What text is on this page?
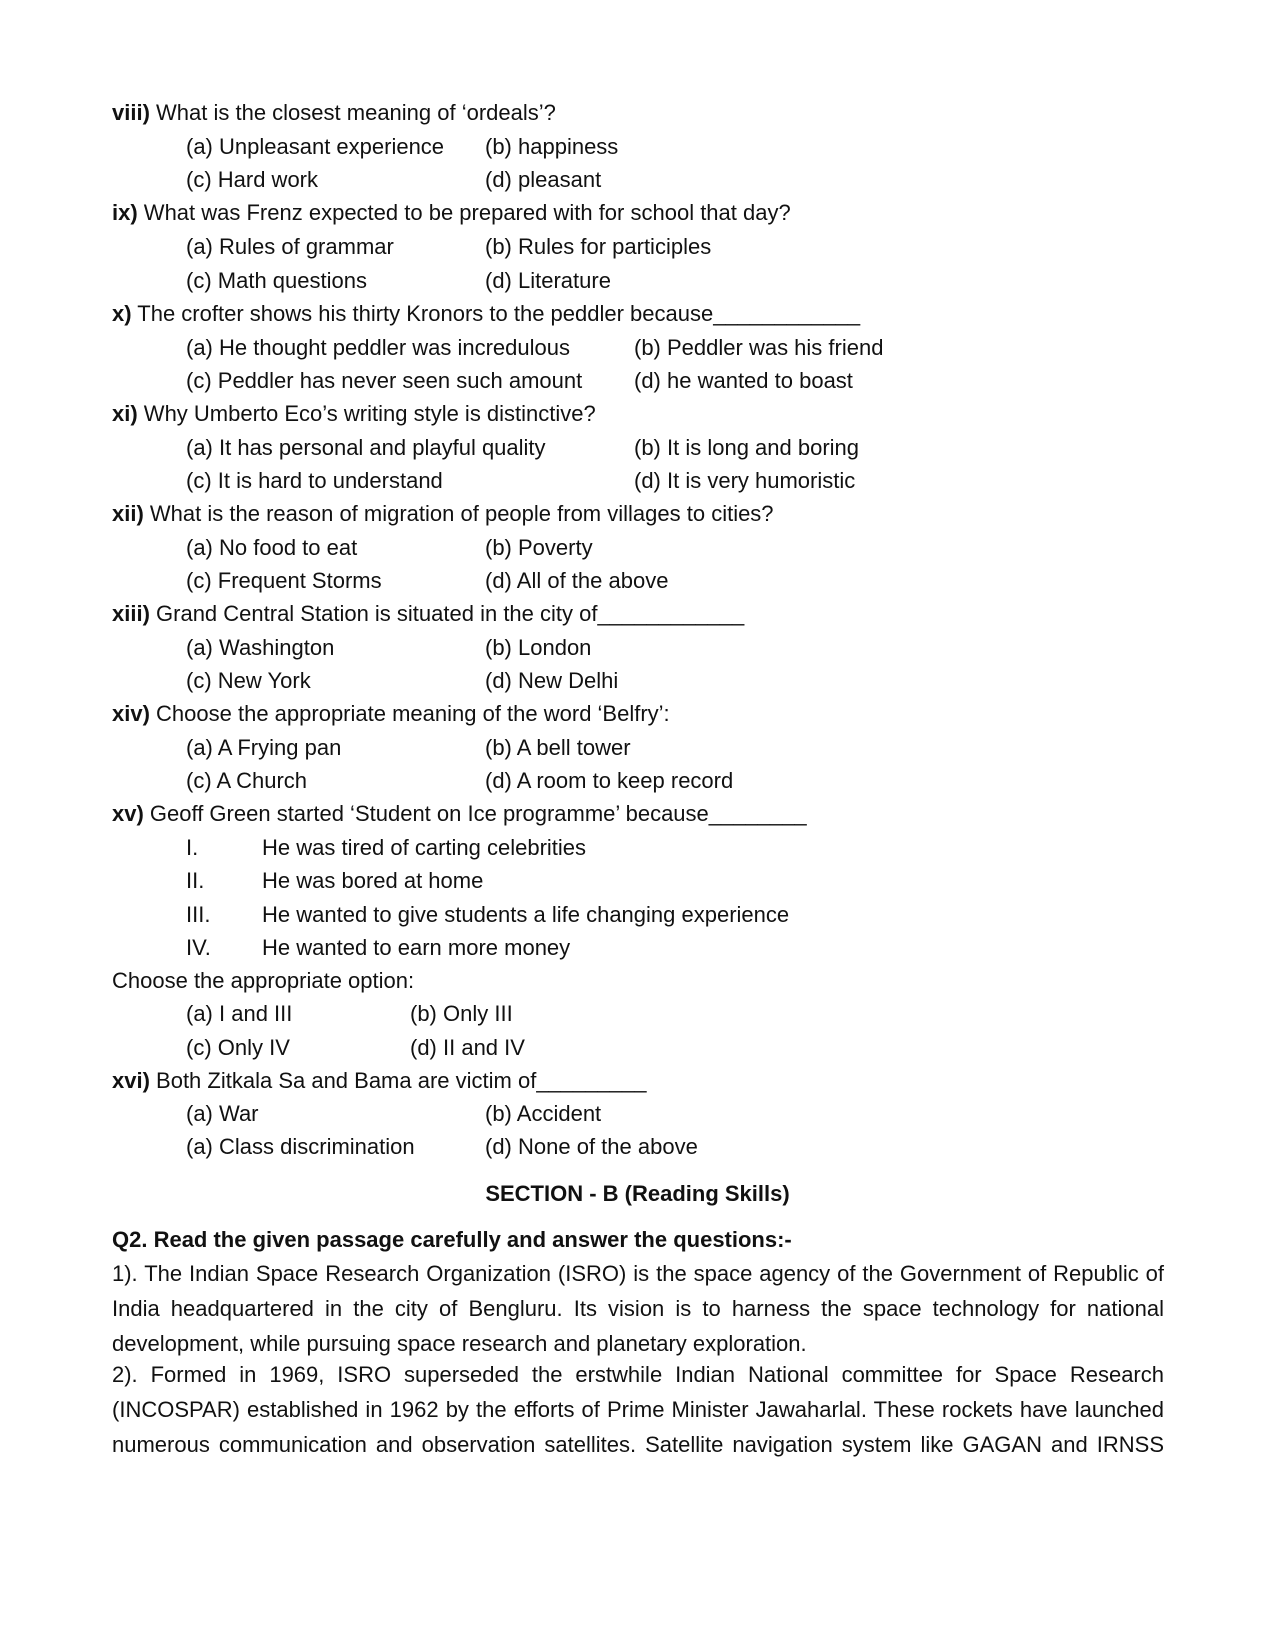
viii) What is the closest meaning of ‘ordeals’?
(a) Unpleasant experience (b) happiness
(c) Hard work	(d) pleasant
ix) What was Frenz expected to be prepared with for school that day?
(a) Rules of grammar	(b) Rules for participles
(c) Math questions	(d) Literature
x) The crofter shows his thirty Kronors to the peddler because____________
(a) He thought peddler was incredulous	(b) Peddler was his friend
(c) Peddler has never seen such amount (d) he wanted to boast
xi) Why Umberto Eco’s writing style is distinctive?
(a) It has personal and playful quality	(b) It is long and boring
(c) It is hard to understand	(d) It is very humoristic
xii) What is the reason of migration of people from villages to cities?
(a) No food to eat	(b) Poverty
(c) Frequent Storms	(d) All of the above
xiii) Grand Central Station is situated in the city of____________
(a) Washington	(b) London
(c) New York	(d) New Delhi
xiv) Choose the appropriate meaning of the word ‘Belfry’:
(a) A Frying pan	(b) A bell tower
(c) A Church	(d) A room to keep record
xv) Geoff Green started ‘Student on Ice programme’ because________
I.	He was tired of carting celebrities
II.	He was bored at home
III. He wanted to give students a life changing experience
IV. He wanted to earn more money
Choose the appropriate option:
(a) I and III	(b) Only III
(c) Only IV	(d) II and IV
xvi) Both Zitkala Sa and Bama are victim of_________
(a) War	(b) Accident
(a) Class discrimination	(d) None of the above
SECTION - B (Reading Skills)
Q2. Read the given passage carefully and answer the questions:-
1). The Indian Space Research Organization (ISRO) is the space agency of the Government of Republic of
India headquartered in the city of Bengluru. Its vision is to harness the space technology for national
development, while pursuing space research and planetary exploration.
2). Formed in 1969, ISRO superseded the erstwhile Indian National committee for Space Research
(INCOSPAR) established in 1962 by the efforts of Prime Minister Jawaharlal. These rockets have launched
numerous communication and observation satellites. Satellite navigation system like GAGAN and IRNSS
